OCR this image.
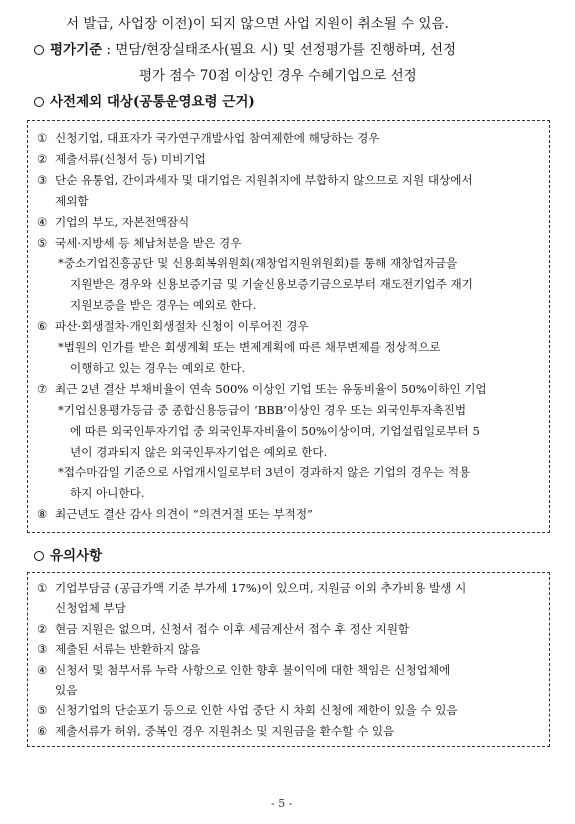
서 발급, 사업장 이전)이 되지 않으면 사업 지원이 취소될 수 있음.
평가기준 : 면담/현장실태조사(필요 시) 및 선정평가를 진행하며, 선정
평가 점수 70점 이상인 경우 수혜기업으로 선정
사전제외 대상(공통운영요령 근거)
① 신청기업, 대표자가 국가연구개발사업 참여제한에 해당하는 경우
② 제출서류(신청서 등) 미비기업
③ 단순 유통업, 간이과세자 및 대기업은 지원취지에 부합하지 않으므로 지원 대상에서
제외함
④ 기업의 부도, 자본전액잠식
⑤ 국세·지방세 등 체납처분을 받은 경우
*중소기업진흥공단 및 신용회복위원회(재창업지원위원회)를 통해 재창업자금을
지원받은 경우와 신용보증기금 및 기술신용보증기금으로부터 재도전기업주 재기
지원보증을 받은 경우는 예외로 한다.
⑥ 파산·회생절차·개인회생절차 신청이 이루어진 경우
*법원의 인가를 받은 회생계획 또는 변제계획에 따른 채무변제를 정상적으로
이행하고 있는 경우는 예외로 한다.
⑦ 최근 2년 결산 부채비율이 연속 500% 이상인 기업 또는 유동비율이 50%이하인 기업
*기업신용평가등급 중 종합신용등급이 ‘BBB’이상인 경우 또는 외국인투자촉진법
에 따른 외국인투자기업 중 외국인투자비율이 50%이상이며, 기업설립일로부터 5
년이 경과되지 않은 외국인투자기업은 예외로 한다.
*접수마감일 기준으로 사업개시일로부터 3년이 경과하지 않은 기업의 경우는 적용
하지 아니한다.
⑧ 최근년도 결산 감사 의견이 “의견거절 또는 부적정”
유의사항
① 기업부담금 (공급가액 기준 부가세 17%)이 있으며, 지원금 이외 추가비용 발생 시
신청업체 부담
② 현금 지원은 없으며, 신청서 접수 이후 세금계산서 접수 후 정산 지원함
③ 제출된 서류는 반환하지 않음
④ 신청서 및 첨부서류 누락 사항으로 인한 향후 불이익에 대한 책임은 신청업체에
있음
⑤ 신청기업의 단순포기 등으로 인한 사업 중단 시 차회 신청에 제한이 있을 수 있음
⑥ 제출서류가 허위, 중복인 경우 지원취소 및 지원금을 환수할 수 있음
- 5 -
